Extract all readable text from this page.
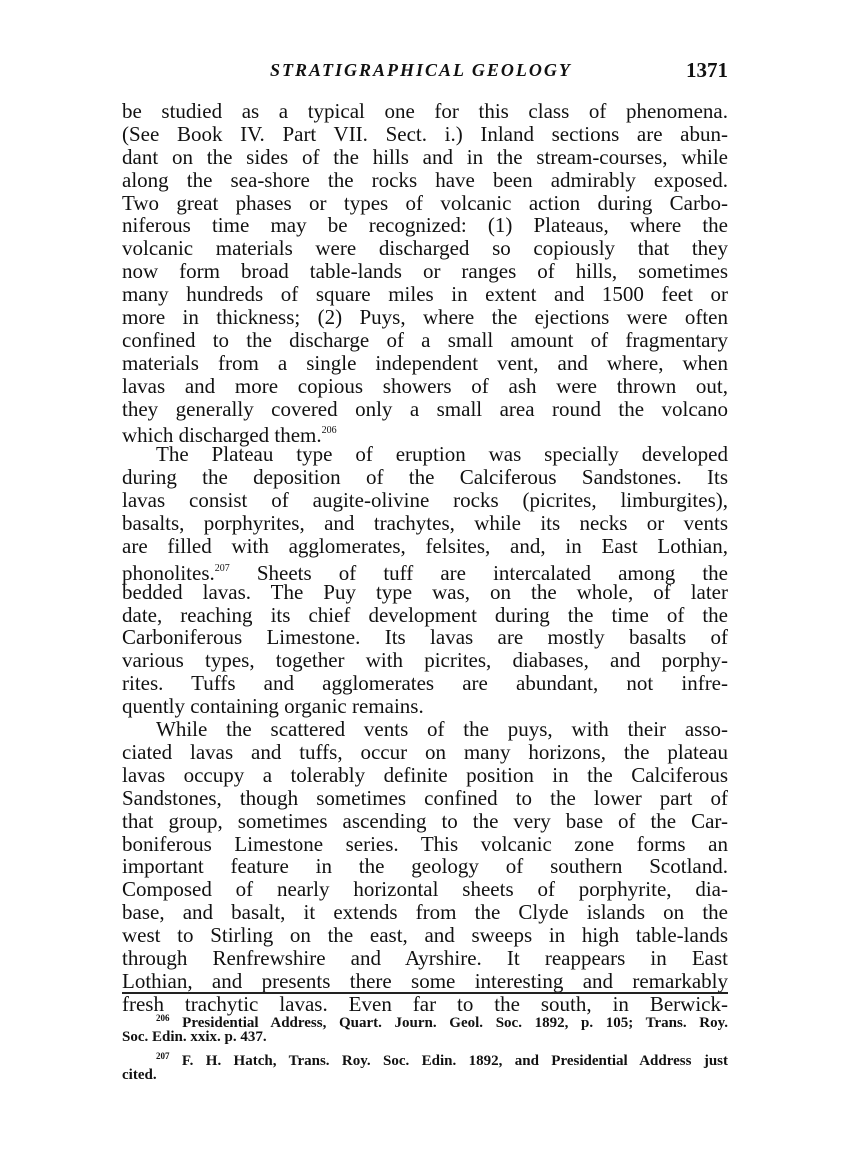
STRATIGRAPHICAL GEOLOGY	1371
be studied as a typical one for this class of phenomena.
(See Book IV. Part VII. Sect. i.) Inland sections are abun-
dant on the sides of the hills and in the stream-courses, while
along the sea-shore the rocks have been admirably exposed.
Two great phases or types of volcanic action during Carbo-
niferous time may be recognized: (1) Plateaus, where the
volcanic materials were discharged so copiously that they
now form broad table-lands or ranges of hills, sometimes
many hundreds of square miles in extent and 1500 feet or
more in thickness; (2) Puys, where the ejections were often
confined to the discharge of a small amount of fragmentary
materials from a single independent vent, and where, when
lavas and more copious showers of ash were thrown out,
they generally covered only a small area round the volcano
which discharged them.$^{206}$
The Plateau type of eruption was specially developed
during the deposition of the Calciferous Sandstones. Its
lavas consist of augite-olivine rocks (picrites, limburgites),
basalts, porphyrites, and trachytes, while its necks or vents
are filled with agglomerates, felsites, and, in East Lothian,
phonolites.$^{207}$ Sheets of tuff are intercalated among the
bedded lavas. The Puy type was, on the whole, of later
date, reaching its chief development during the time of the
Carboniferous Limestone. Its lavas are mostly basalts of
various types, together with picrites, diabases, and porphy-
rites. Tuffs and agglomerates are abundant, not infre-
quently containing organic remains.
While the scattered vents of the puys, with their asso-
ciated lavas and tuffs, occur on many horizons, the plateau
lavas occupy a tolerably definite position in the Calciferous
Sandstones, though sometimes confined to the lower part of
that group, sometimes ascending to the very base of the Car-
boniferous Limestone series. This volcanic zone forms an
important feature in the geology of southern Scotland.
Composed of nearly horizontal sheets of porphyrite, dia-
base, and basalt, it extends from the Clyde islands on the
west to Stirling on the east, and sweeps in high table-lands
through Renfrewshire and Ayrshire. It reappears in East
Lothian, and presents there some interesting and remarkably
fresh trachytic lavas. Even far to the south, in Berwick-
$^{206}$ Presidential Address, Quart. Journ. Geol. Soc. 1892, p. 105; Trans. Roy.
Soc. Edin. xxix. p. 437.
$^{207}$ F. H. Hatch, Trans. Roy. Soc. Edin. 1892, and Presidential Address just
cited.
